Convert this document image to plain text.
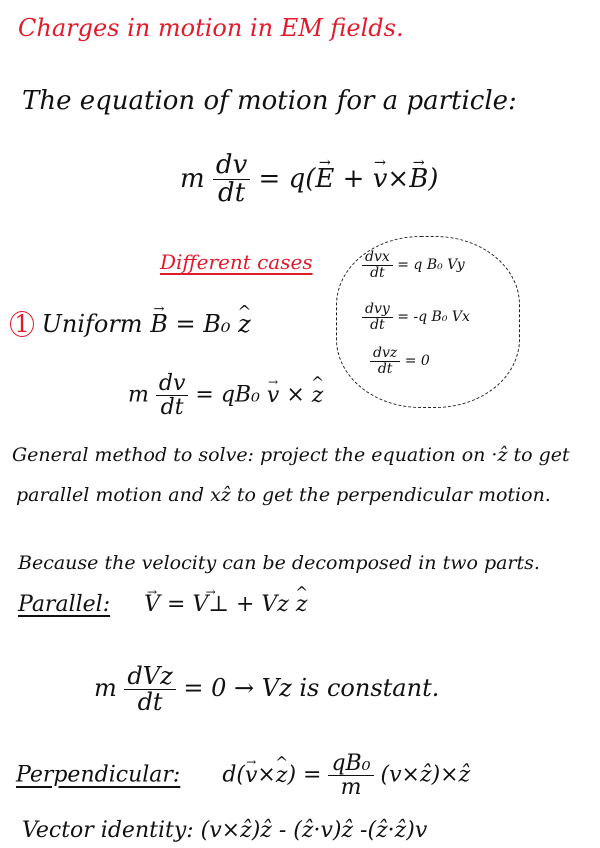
Charges in motion in EM fields.
The equation of motion for a particle:
m $\frac{dv}{dt} = q(\to E$ + → v×→ B)
Different cases	$\frac{\text{dvx}}{dt} = q$ B₀ Vy
$\frac{\text{dvy}}{dt} = -q$ B₀ Vx
$\frac{\text{dvz}}{dt} = 0$
1 Uniform → B = B₀ ^ z
m $\frac{dv}{dt} = qB_0 \to v$ × ^ z
General method to solve: project the equation on ·ẑ to get
parallel motion and xẑ to get the perpendicular motion.
Because the velocity can be decomposed in two parts.
Parallel: → V = → V⊥ + Vz ^ z
m $\frac{\text{dVz}}{dt} = 0 \to Vz$ is constant.
Perpendicular: d(→ v×^ $z) = \frac{\text{qB₀}}{m}$ (v×ẑ)×ẑ
Vector identity: (v×ẑ)ẑ - (ẑ·v)ẑ -(ẑ·ẑ)v
